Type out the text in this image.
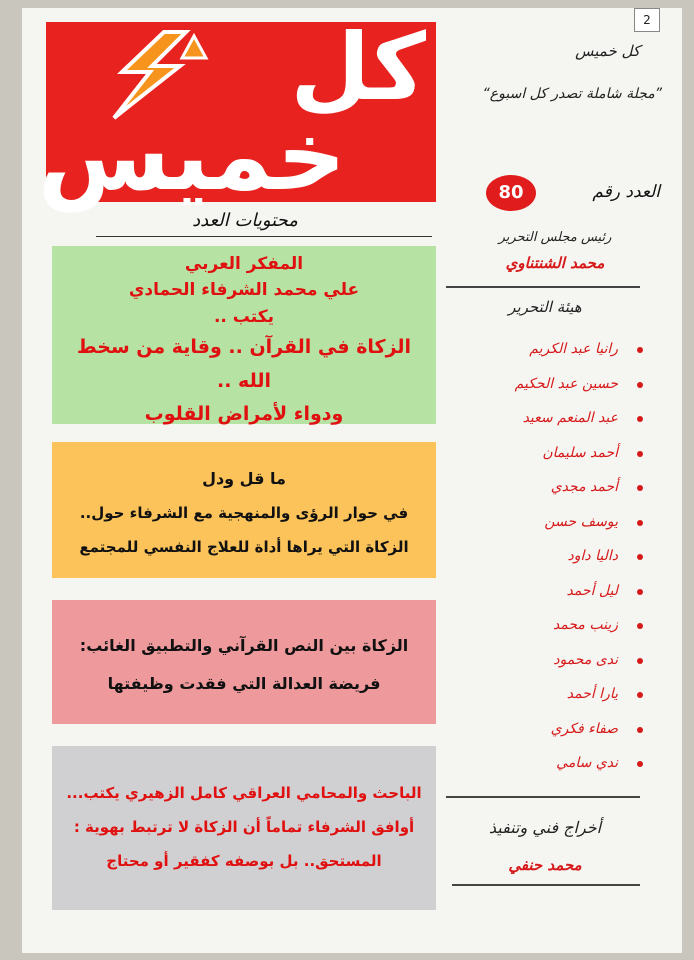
2
كل
خميس
كل خميس
”مجلة شاملة تصدر كل اسبوع“
العدد رقم
80
رئيس مجلس التحرير
محمد الشنتناوي
هيئة التحرير
رانيا عبد الكريم
حسين عبد الحكيم
عبد المنعم سعيد
أحمد سليمان
أحمد مجدي
يوسف حسن
داليا داود
ليل أحمد
زينب محمد
ندى محمود
يارا أحمد
صفاء فكري
ندي سامي
أخراج فني وتنفيذ
محمد حنفي
محتويات العدد
المفكر العربي
علي محمد الشرفاء الحمادي
يكتب ..
الزكاة في القرآن .. وقاية من سخط الله ..
ودواء لأمراض القلوب
ما قل ودل
في حوار الرؤى والمنهجية مع الشرفاء حول..
الزكاة التي يراها أداة للعلاج النفسي للمجتمع
الزكاة بين النص القرآني والتطبيق الغائب:
فريضة العدالة التي فقدت وظيفتها
الباحث والمحامي العراقي كامل الزهيري يكتب...
أوافق الشرفاء تماماً أن الزكاة لا ترتبط بهوية :
المستحق.. بل بوصفه كفقير أو محتاج
